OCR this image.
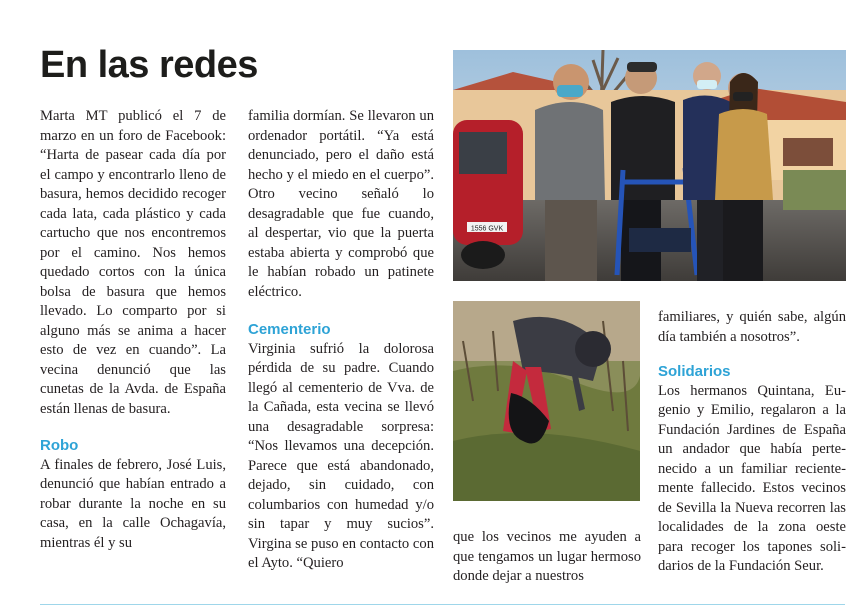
En las redes

Marta MT publicó el 7 de marzo en un foro de Facebook: “Harta de pasear cada día por el campo y encontrarlo lleno de basura, hemos decidido recoger cada lata, cada plástico y cada cartucho que nos encontremos por el camino. Nos hemos quedado cortos con la única bolsa de basura que hemos llevado. Lo comparto por si alguno más se anima a hacer esto de vez en cuando”. La vecina denunció que las cunetas de la Avda. de España están llenas de basura.

Robo

A finales de febrero, José Luis, denunció que habían entrado a robar durante la noche en su casa, en la calle Ochagavía, mientras él y su

familia dormían. Se llevaron un ordenador portátil. “Ya está denunciado, pero el daño está hecho y el miedo en el cuerpo”. Otro vecino señaló lo desagradable que fue cuando, al despertar, vio que la puerta estaba abierta y comprobó que le habían robado un patinete eléctrico.

Cementerio

Virginia sufrió la dolorosa pérdida de su padre. Cuando llegó al cementerio de Vva. de la Cañada, esta vecina se llevó una desagradable sorpresa: “Nos llevamos una decepción. Parece que está abandonado, dejado, sin cuidado, con columbarios con humedad y/o sin tapar y muy sucios”. Virgina se puso en contacto con el Ayto. “Quiero

que los vecinos me ayuden a que tengamos un lugar hermoso donde dejar a nuestros

familiares, y quién sabe, algún día también a nosotros”.

Solidarios

Los hermanos Quintana, Eugenio y Emilio, regalaron a la Fundación Jardines de España un andador que había pertenecido a un familiar recientemente fallecido. Estos vecinos de Sevilla la Nueva recorren las localidades de la zona oeste para recoger los tapones solidarios de la Fundación Seur.

1556 GVK
